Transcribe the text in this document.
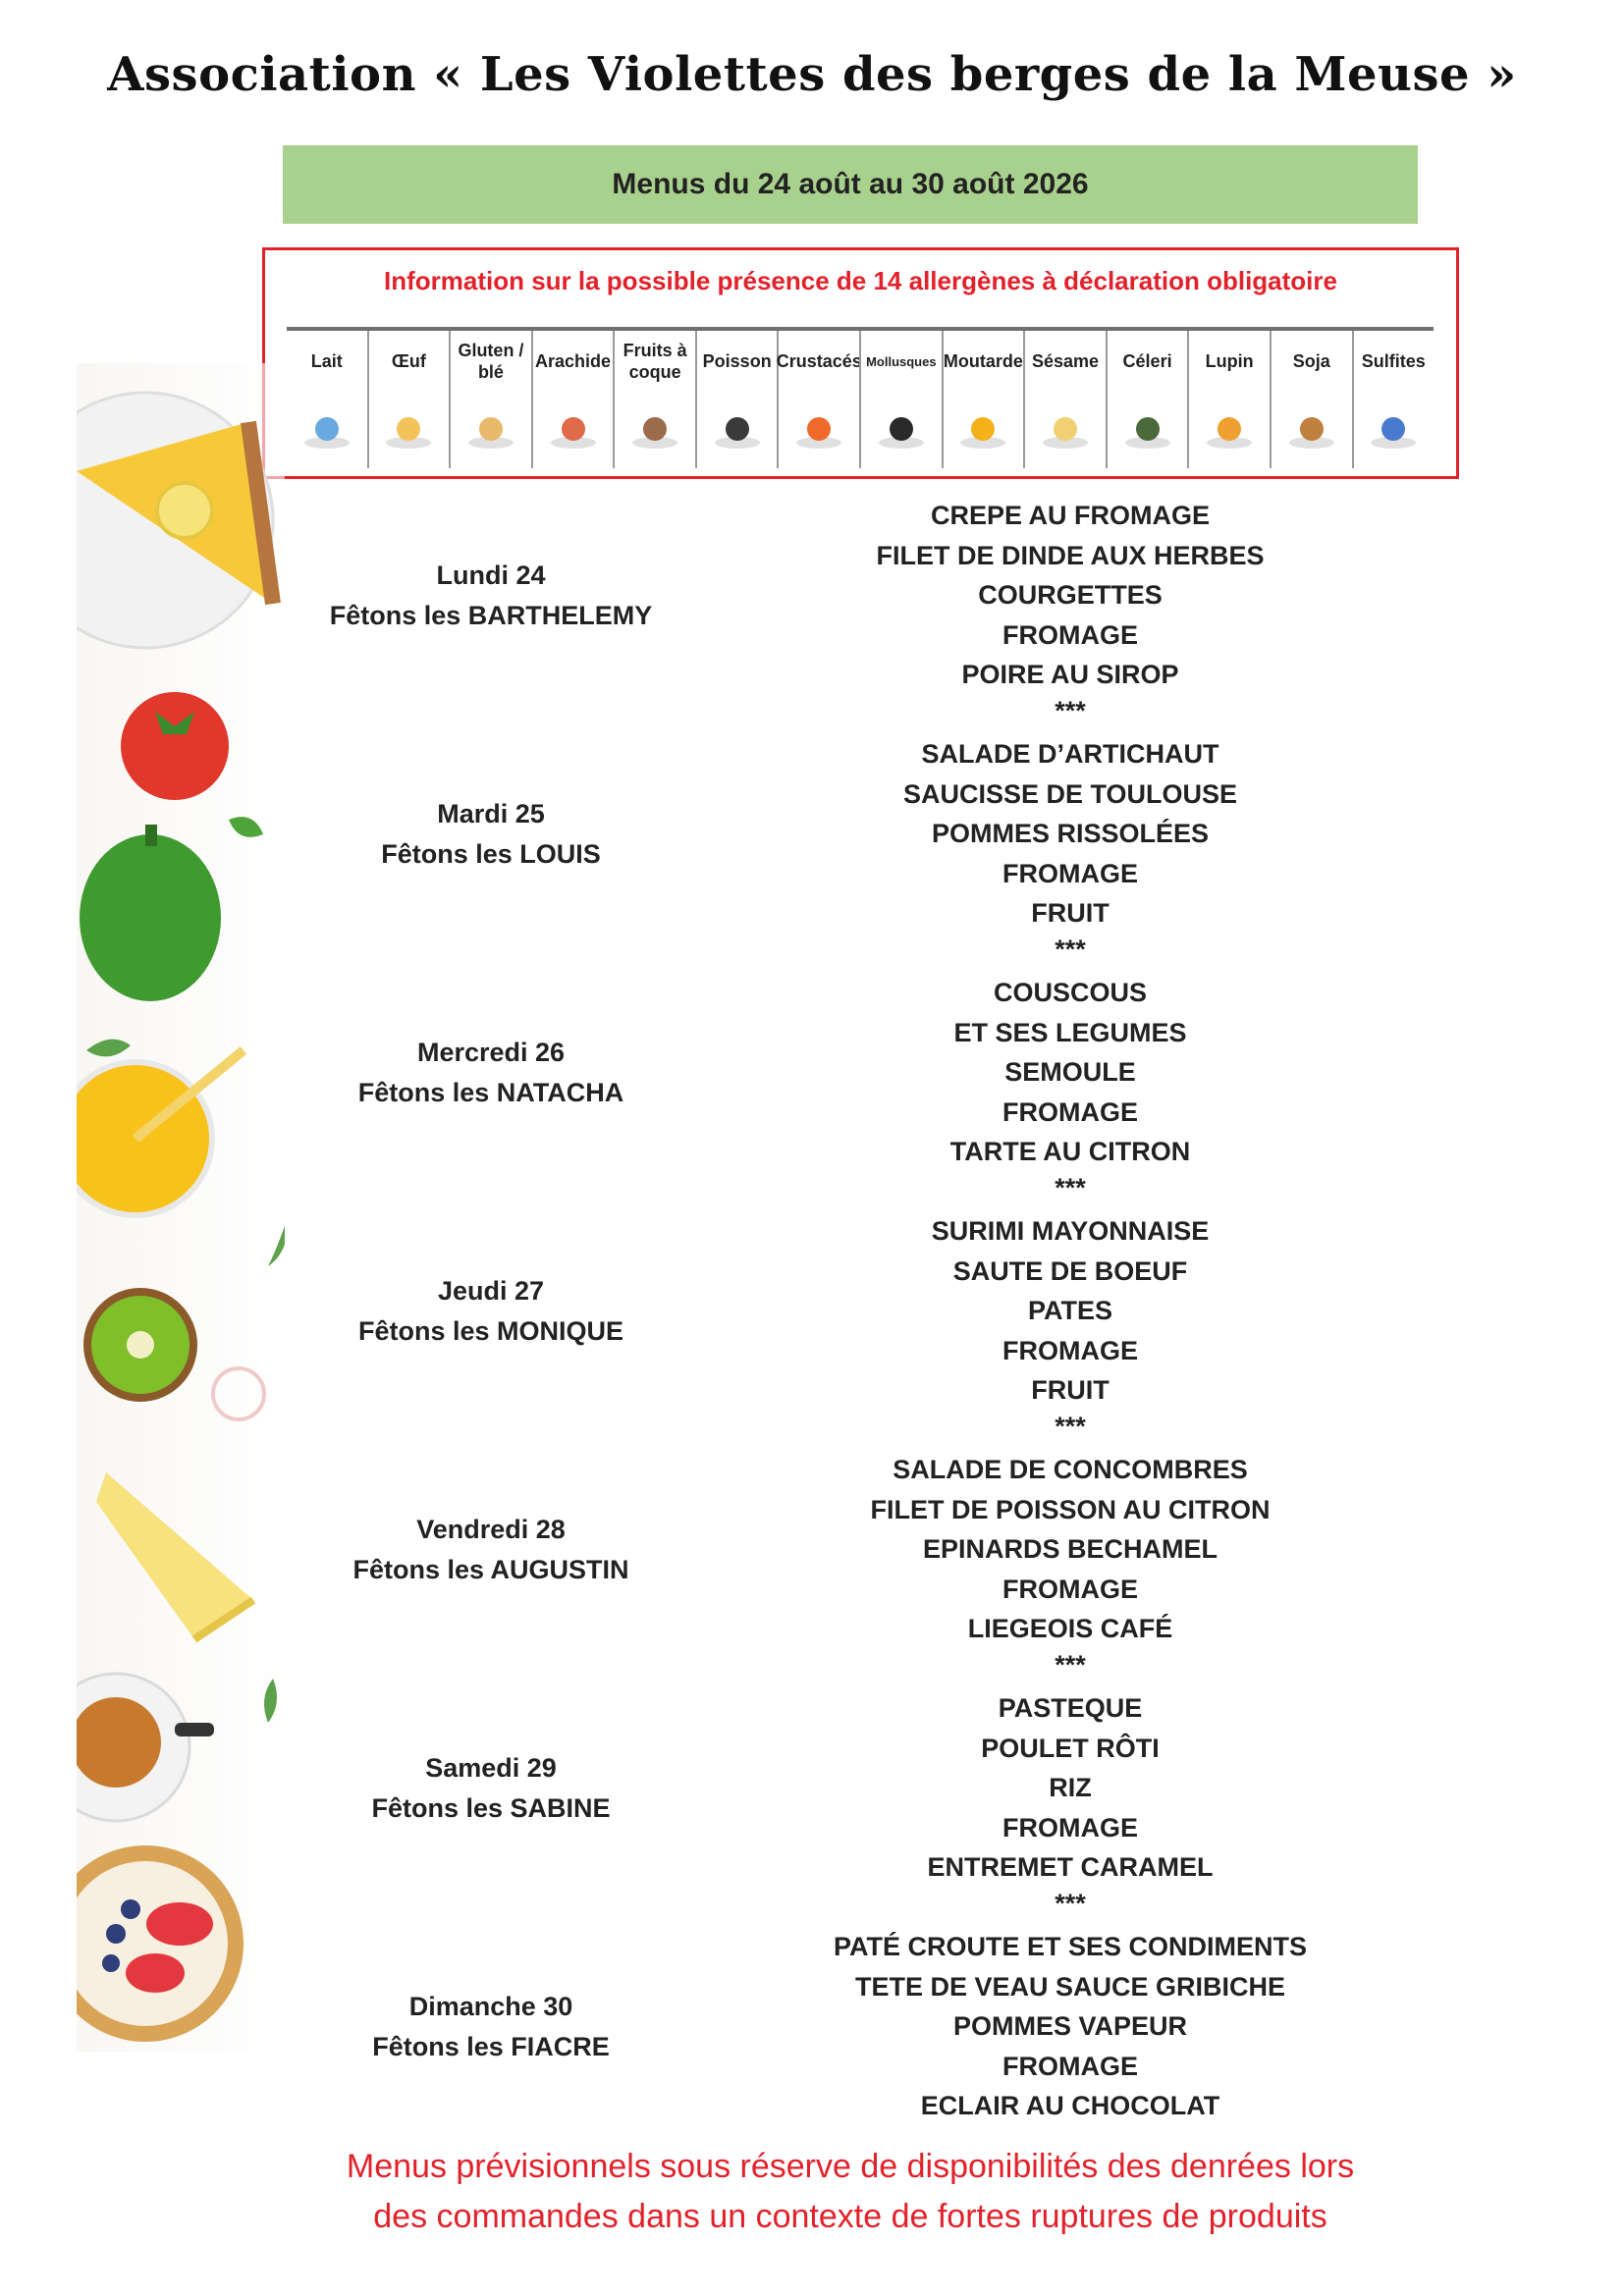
Association « Les Violettes des berges de la Meuse »
Menus du 24 août au 30 août 2026
Information sur la possible présence de 14 allergènes à déclaration obligatoire
Lait	Œuf
Gluten / blé
Arachide
Fruits à coque
Poisson Crustacés Mollusques Moutarde Sésame	Céleri	Lupin	Soja	Sulfites
Lundi 24
Fêtons les BARTHELEMY
CREPE AU FROMAGE
FILET DE DINDE AUX HERBES
COURGETTES
FROMAGE
POIRE AU SIROP
***
Mardi 25
Fêtons les LOUIS
SALADE D’ARTICHAUT
SAUCISSE DE TOULOUSE
POMMES RISSOLÉES
FROMAGE
FRUIT
***
Mercredi 26
Fêtons les NATACHA
COUSCOUS
ET SES LEGUMES
SEMOULE
FROMAGE
TARTE AU CITRON
***
Jeudi 27
Fêtons les MONIQUE
SURIMI MAYONNAISE
SAUTE DE BOEUF
PATES
FROMAGE
FRUIT
***
Vendredi 28
Fêtons les AUGUSTIN
SALADE DE CONCOMBRES
FILET DE POISSON AU CITRON
EPINARDS BECHAMEL
FROMAGE
LIEGEOIS CAFÉ
***
Samedi 29
Fêtons les SABINE
PASTEQUE
POULET RÔTI
RIZ
FROMAGE
ENTREMET CARAMEL
***
Dimanche 30
Fêtons les FIACRE
PATÉ CROUTE ET SES CONDIMENTS
TETE DE VEAU SAUCE GRIBICHE
POMMES VAPEUR
FROMAGE
ECLAIR AU CHOCOLAT
Menus prévisionnels sous réserve de disponibilités des denrées lors
des commandes dans un contexte de fortes ruptures de produits
